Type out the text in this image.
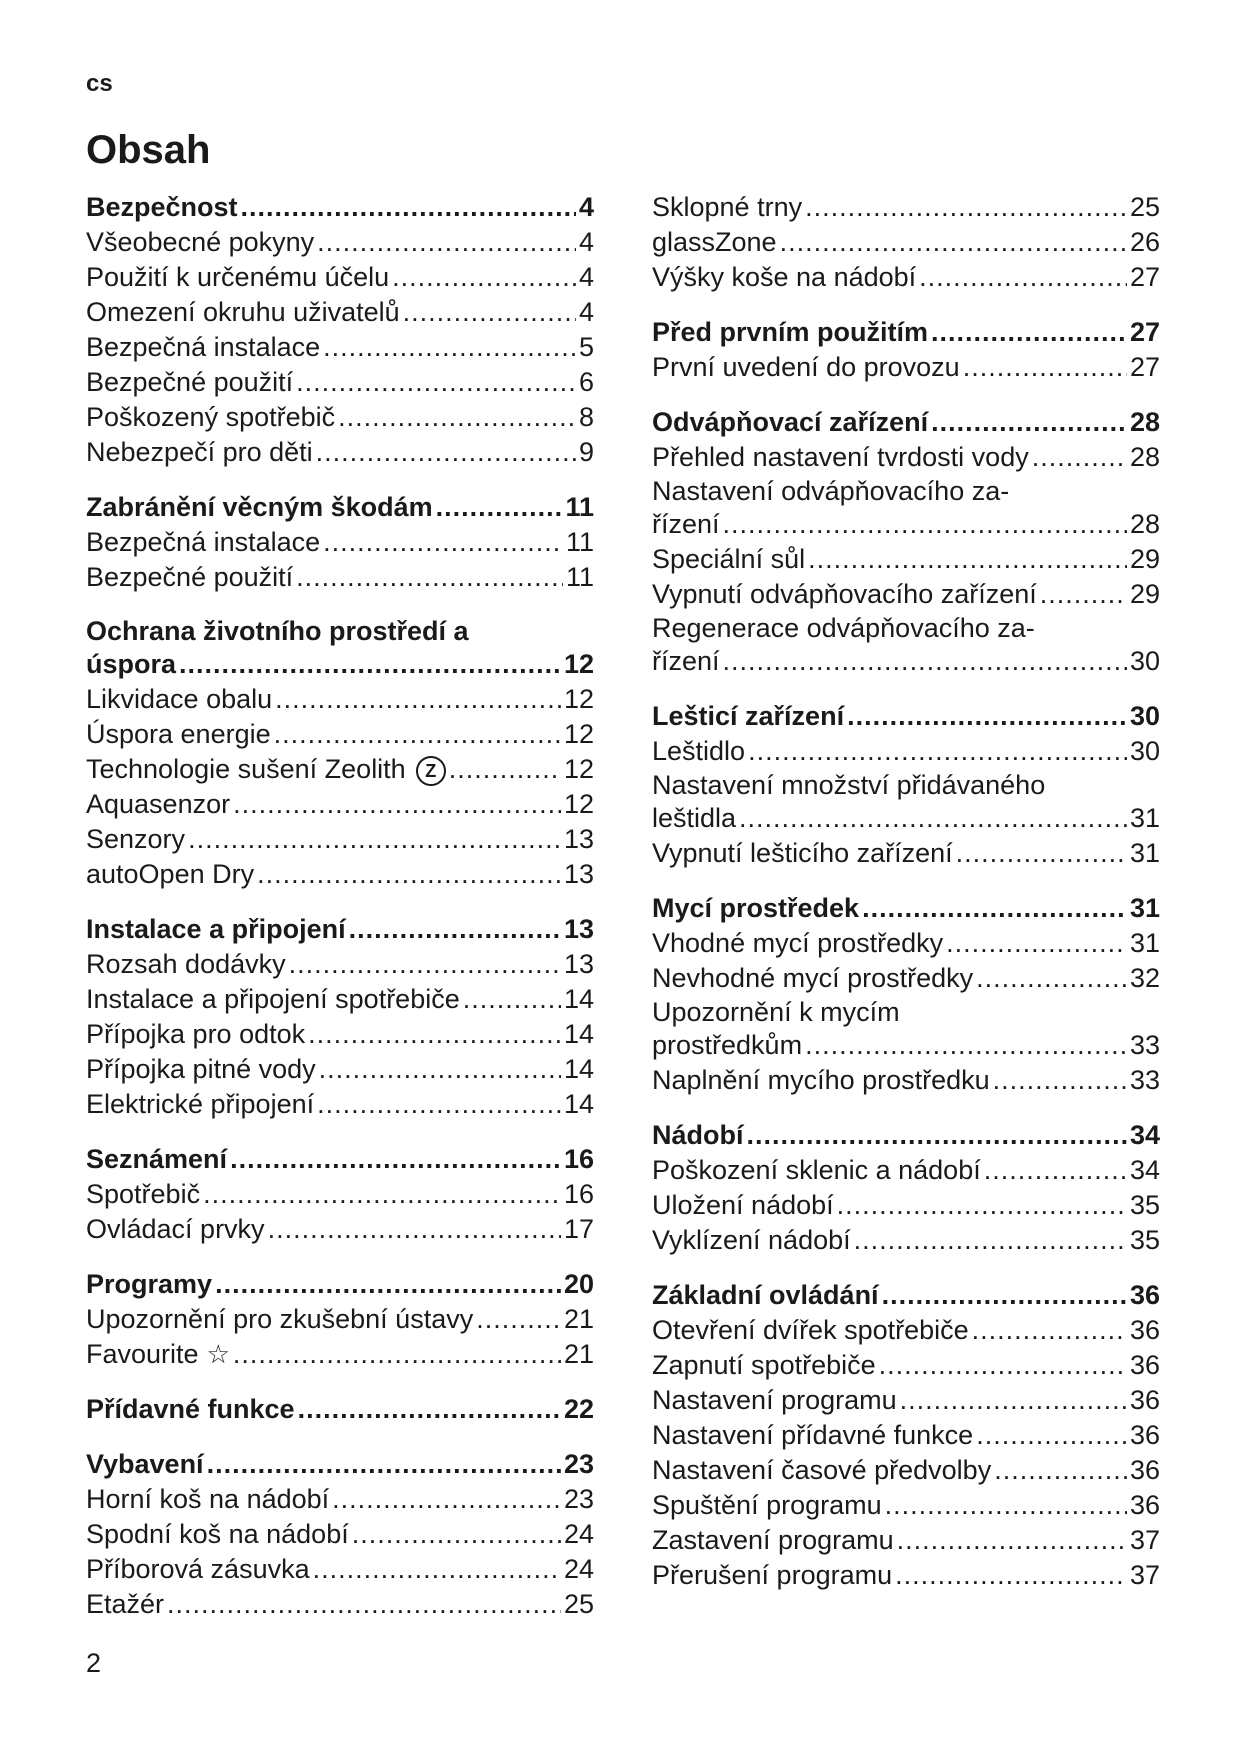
cs
Obsah
Bezpečnost .....	4
Všeobecné pokyny .....	4
Použití k určenému účelu .....	4
Omezení okruhu uživatelů .....	4
Bezpečná instalace .....	5
Bezpečné použití .....	6
Poškozený spotřebič .....	8
Nebezpečí pro děti .....	9
Zabránění věcným škodám .....	11
Bezpečná instalace .....	11
Bezpečné použití .....	11
Ochrana životního prostředí a
úspora .....	12
Likvidace obalu .....	12
Úspora energie .....	12
Technologie sušení Zeolith Z .....	12
Aquasenzor .....	12
Senzory .....	13
autoOpen Dry .....	13
Instalace a připojení .....	13
Rozsah dodávky .....	13
Instalace a připojení spotřebiče .....	14
Přípojka pro odtok .....	14
Přípojka pitné vody .....	14
Elektrické připojení .....	14
Seznámení .....	16
Spotřebič .....	16
Ovládací prvky .....	17
Programy .....	20
Upozornění pro zkušební ústavy .....	21
Favourite ☆ .....	21
Přídavné funkce .....	22
Vybavení .....	23
Horní koš na nádobí .....	23
Spodní koš na nádobí .....	24
Příborová zásuvka .....	24
Etažér .....	25
Sklopné trny .....	25
glassZone .....	26
Výšky koše na nádobí .....	27
Před prvním použitím .....	27
První uvedení do provozu .....	27
Odvápňovací zařízení .....	28
Přehled nastavení tvrdosti vody .....	28
Nastavení odvápňovacího za-
řízení .....	28
Speciální sůl .....	29
Vypnutí odvápňovacího zařízení .....	29
Regenerace odvápňovacího za-
řízení .....	30
Lešticí zařízení .....	30
Leštidlo .....	30
Nastavení množství přidávaného
leštidla .....	31
Vypnutí lešticího zařízení .....	31
Mycí prostředek .....	31
Vhodné mycí prostředky .....	31
Nevhodné mycí prostředky .....	32
Upozornění k mycím
prostředkům .....	33
Naplnění mycího prostředku .....	33
Nádobí .....	34
Poškození sklenic a nádobí .....	34
Uložení nádobí .....	35
Vyklízení nádobí .....	35
Základní ovládání .....	36
Otevření dvířek spotřebiče .....	36
Zapnutí spotřebiče .....	36
Nastavení programu .....	36
Nastavení přídavné funkce .....	36
Nastavení časové předvolby .....	36
Spuštění programu .....	36
Zastavení programu .....	37
Přerušení programu .....	37
2
